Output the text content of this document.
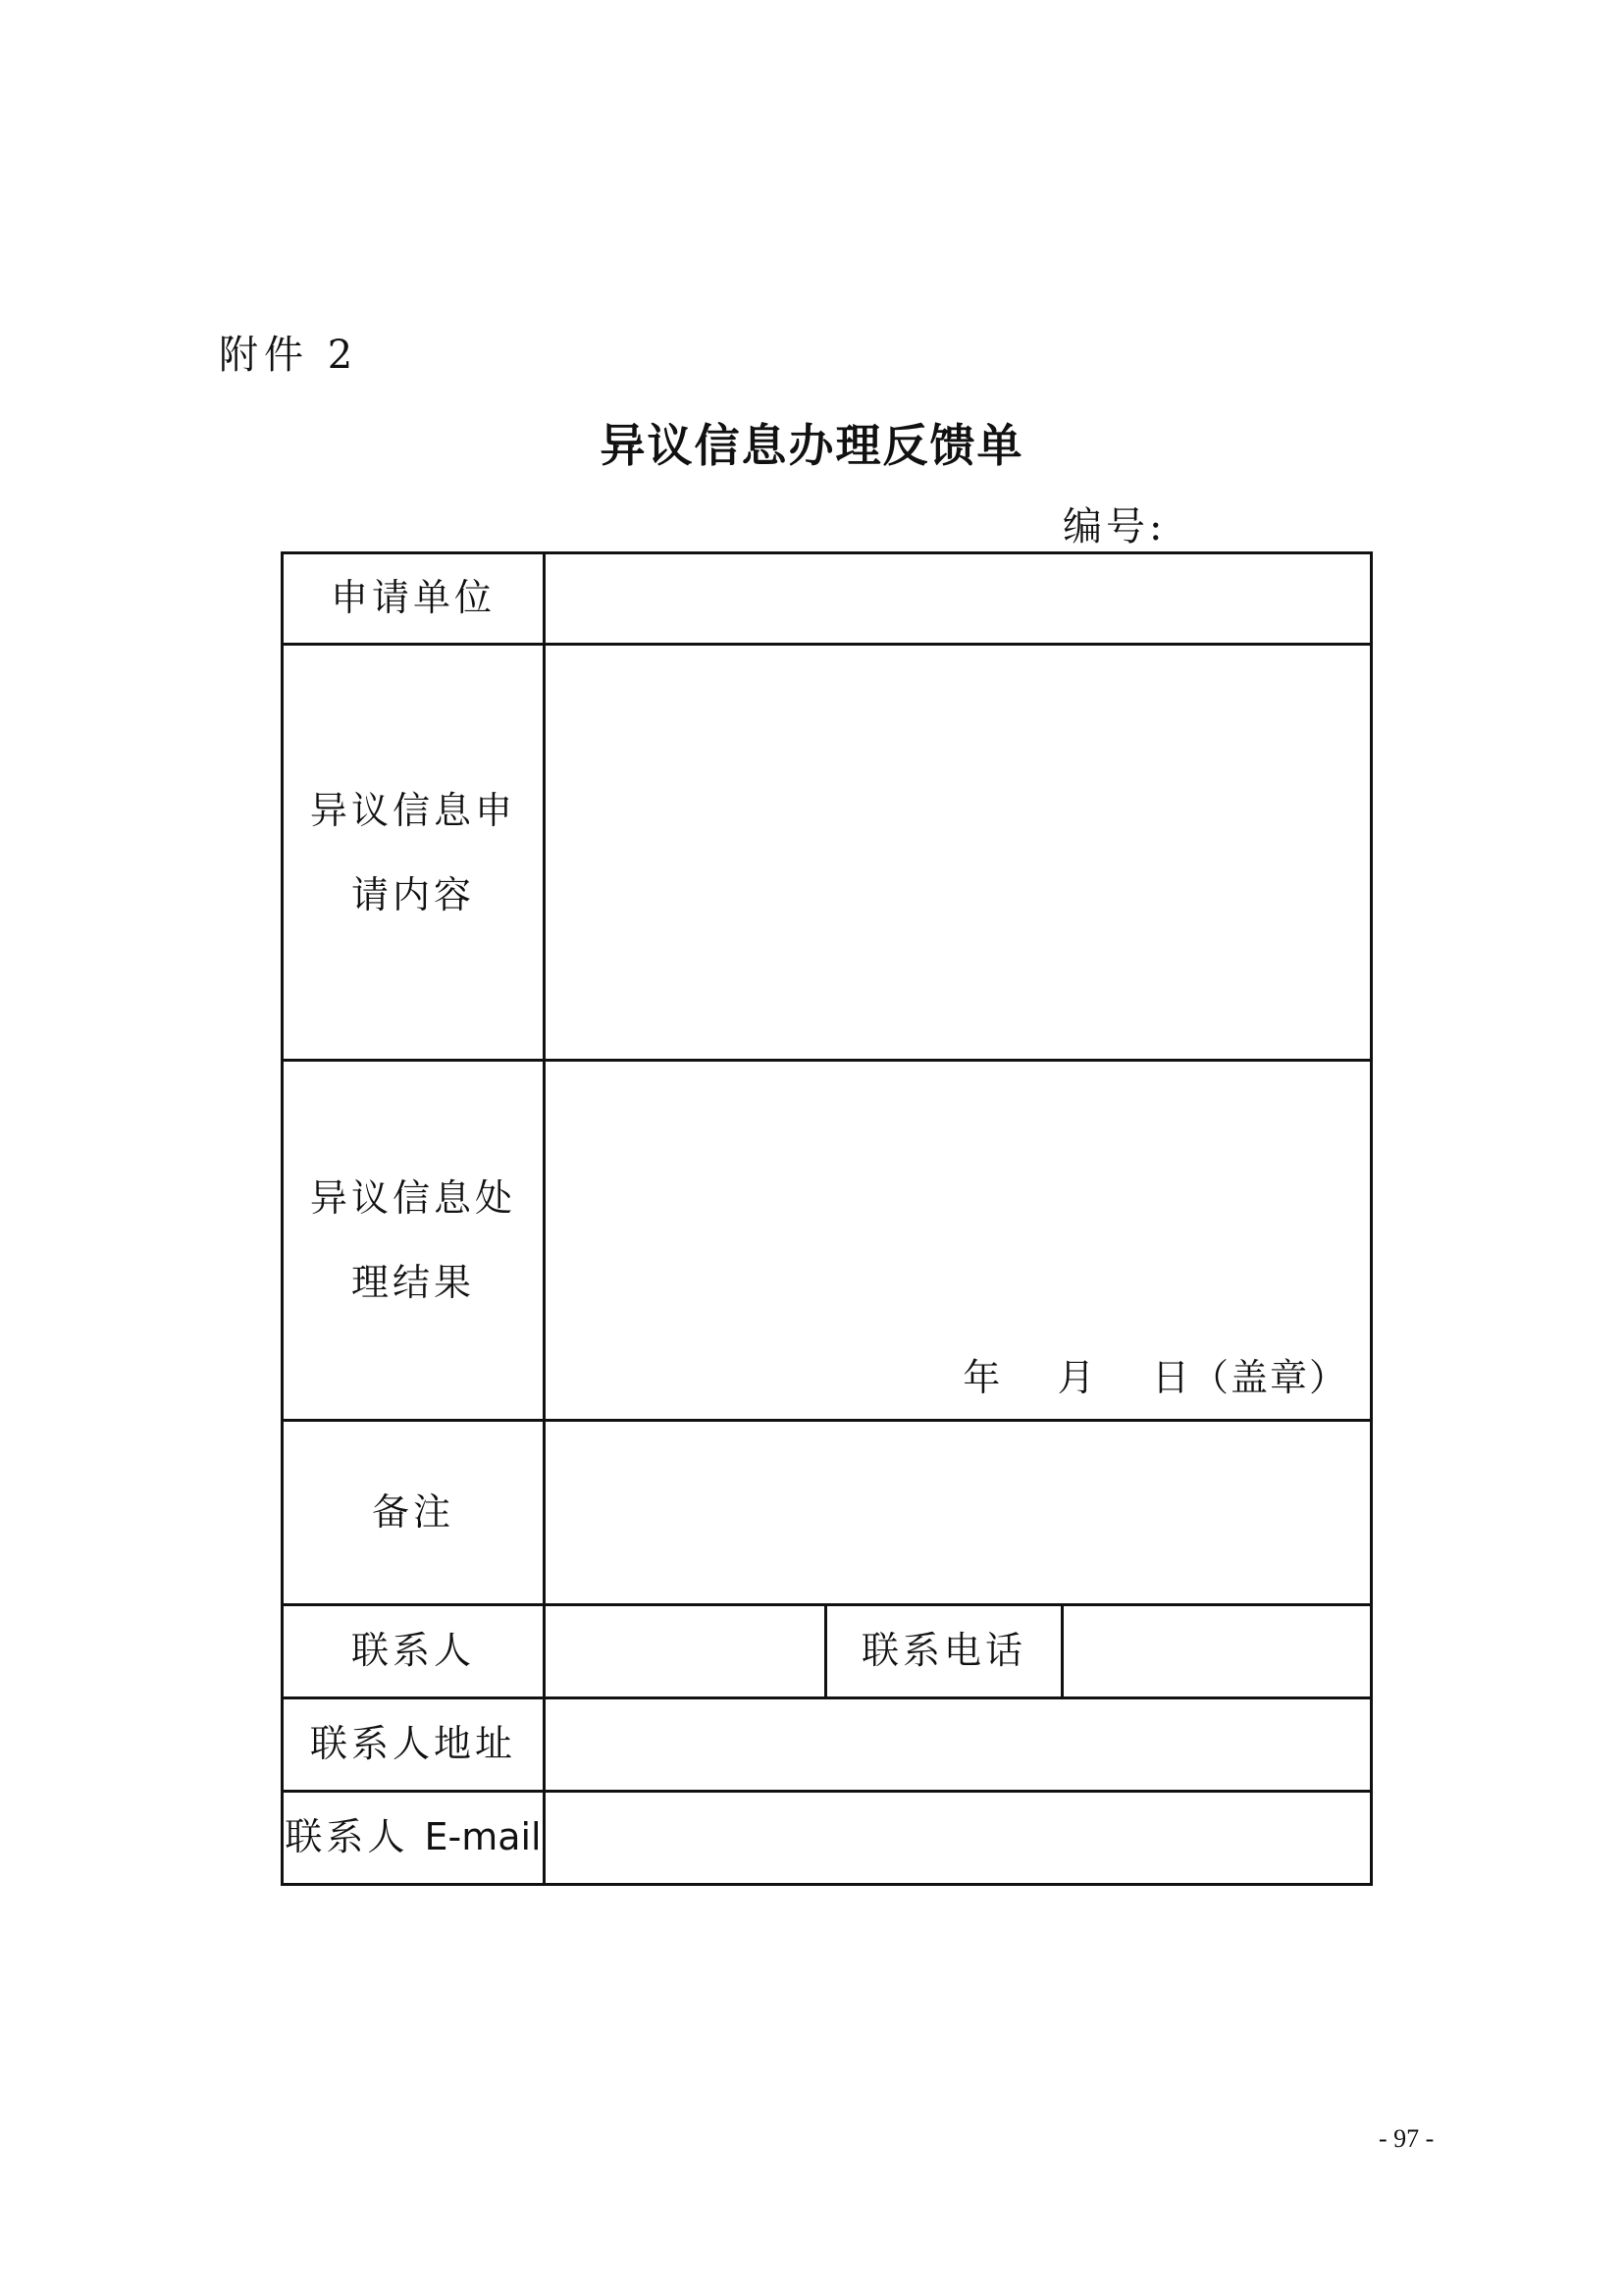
附件 2
异议信息办理反馈单
编号:
申请单位			

异议信息申
请内容			

异议信息处
理结果	年    月    日（盖章）		

备注			
联系人		联系电话	
联系人地址			
联系人 E-mail			
- 97 -
